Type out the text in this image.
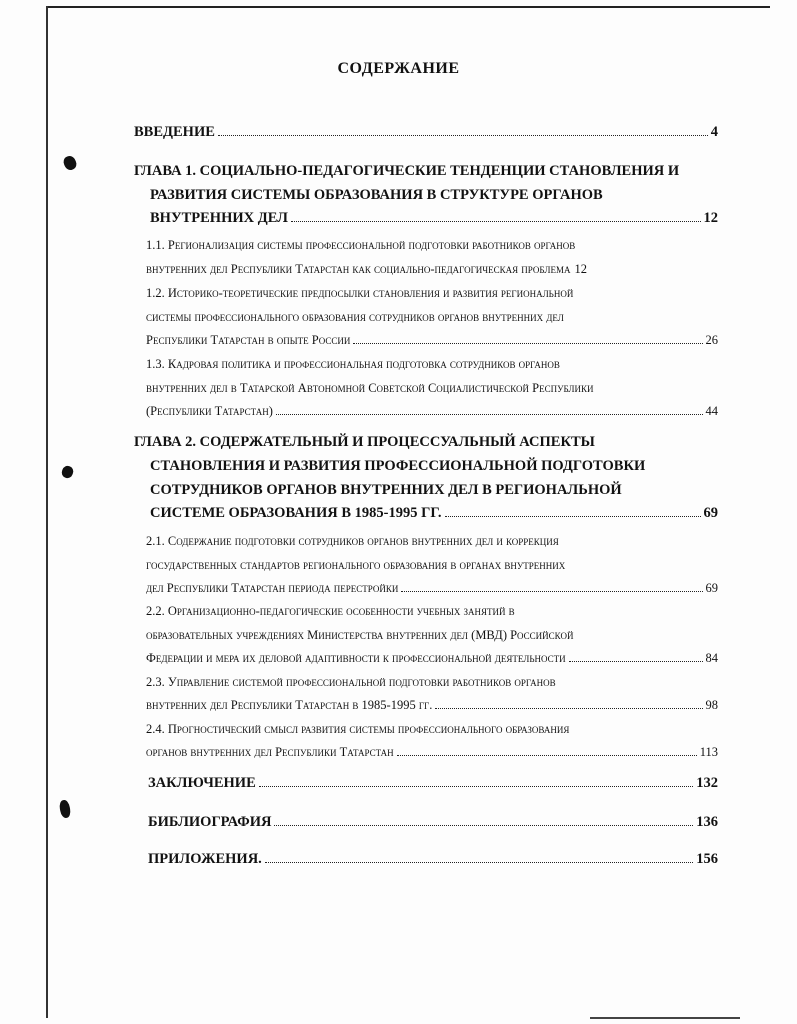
СОДЕРЖАНИЕ
ВВЕДЕНИЕ	4
ГЛАВА 1. СОЦИАЛЬНО-ПЕДАГОГИЧЕСКИЕ ТЕНДЕНЦИИ СТАНОВЛЕНИЯ И
РАЗВИТИЯ СИСТЕМЫ ОБРАЗОВАНИЯ В СТРУКТУРЕ ОРГАНОВ
ВНУТРЕННИХ ДЕЛ	12
1.1. Регионализация системы профессиональной подготовки работников органов
внутренних дел Республики Татарстан как социально-педагогическая проблема 12
1.2. Историко-теоретические предпосылки становления и развития региональной
системы профессионального образования сотрудников органов внутренних дел
Республики Татарстан в опыте России	26
1.3. Кадровая политика и профессиональная подготовка сотрудников органов
внутренних дел в Татарской Автономной Советской Социалистической Республики
(Республики Татарстан)	44
ГЛАВА 2. СОДЕРЖАТЕЛЬНЫЙ И ПРОЦЕССУАЛЬНЫЙ АСПЕКТЫ
СТАНОВЛЕНИЯ И РАЗВИТИЯ ПРОФЕССИОНАЛЬНОЙ ПОДГОТОВКИ
СОТРУДНИКОВ ОРГАНОВ ВНУТРЕННИХ ДЕЛ В РЕГИОНАЛЬНОЙ
СИСТЕМЕ ОБРАЗОВАНИЯ В 1985-1995 ГГ.	69
2.1. Содержание подготовки сотрудников органов внутренних дел и коррекция
государственных стандартов регионального образования в органах внутренних
дел Республики Татарстан периода перестройки	69
2.2. Организационно-педагогические особенности учебных занятий в
образовательных учреждениях Министерства внутренних дел (МВД) Российской
Федерации и мера их деловой адаптивности к профессиональной деятельности	84
2.3. Управление системой профессиональной подготовки работников органов
внутренних дел Республики Татарстан в 1985-1995 гг.	98
2.4. Прогностический смысл развития системы профессионального образования
органов внутренних дел Республики Татарстан	113
ЗАКЛЮЧЕНИЕ	132
БИБЛИОГРАФИЯ	136
ПРИЛОЖЕНИЯ.	156
